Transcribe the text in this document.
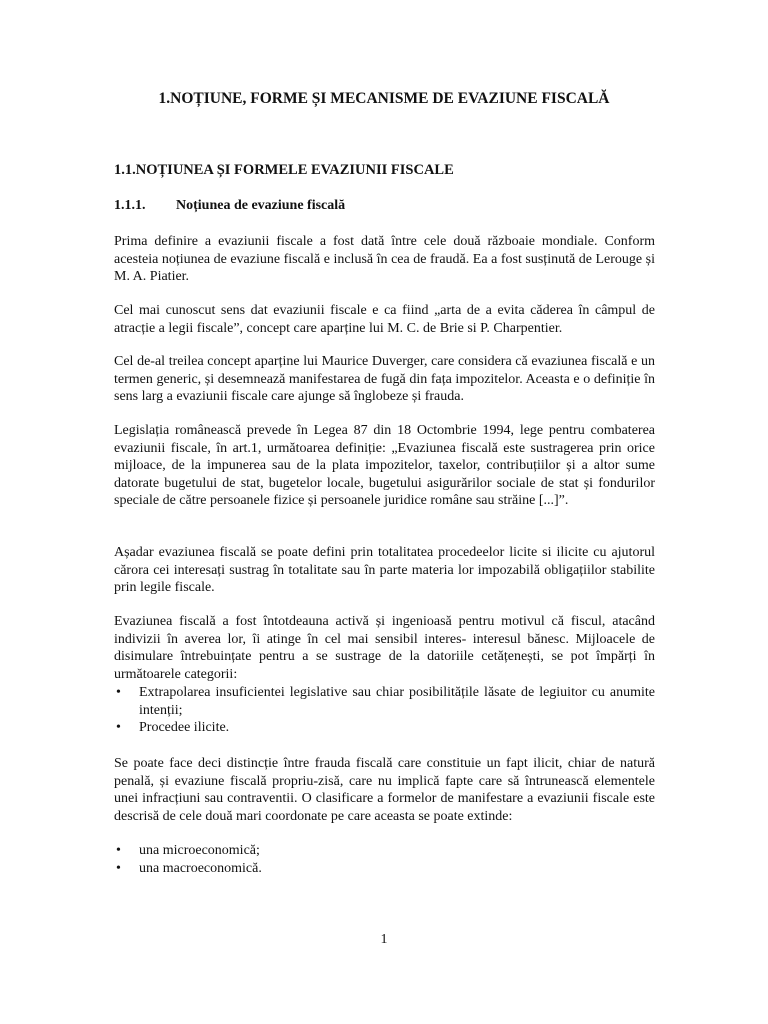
1.NOȚIUNE, FORME ȘI MECANISME DE EVAZIUNE FISCALĂ
1.1.NOȚIUNEA ȘI FORMELE EVAZIUNII FISCALE
1.1.1. Noțiunea de evaziune fiscală

Prima definire a evaziunii fiscale a fost dată între cele două războaie mondiale. Conform acesteia noțiunea de evaziune fiscală e inclusă în cea de fraudă. Ea a fost susținută de Lerouge și M. A. Piatier.

Cel mai cunoscut sens dat evaziunii fiscale e ca fiind „arta de a evita căderea în câmpul de atracție a legii fiscale”, concept care aparține lui M. C. de Brie si P. Charpentier.

Cel de-al treilea concept aparține lui Maurice Duverger, care considera că evaziunea fiscală e un termen generic, și desemnează manifestarea de fugă din fața impozitelor. Aceasta e o definiție în sens larg a evaziunii fiscale care ajunge să înglobeze și frauda.

Legislația românească prevede în Legea 87 din 18 Octombrie 1994, lege pentru combaterea evaziunii fiscale, în art.1, următoarea definiție: „Evaziunea fiscală este sustragerea prin orice mijloace, de la impunerea sau de la plata impozitelor, taxelor, contribuțiilor și a altor sume datorate bugetului de stat, bugetelor locale, bugetului asigurărilor sociale de stat și fondurilor speciale de către persoanele fizice și persoanele juridice române sau străine [...]”.

Așadar evaziunea fiscală se poate defini prin totalitatea procedeelor licite si ilicite cu ajutorul cărora cei interesați sustrag în totalitate sau în parte materia lor impozabilă obligațiilor stabilite prin legile fiscale.

Evaziunea fiscală a fost întotdeauna activă și ingenioasă pentru motivul că fiscul, atacând indivizii în averea lor, îi atinge în cel mai sensibil interes- interesul bănesc. Mijloacele de disimulare întrebuințate pentru a se sustrage de la datoriile cetățenești, se pot împărți în următoarele categorii:

• Extrapolarea insuficientei legislative sau chiar posibilitățile lăsate de legiuitor cu anumite intenții;
• Procedee ilicite.

Se poate face deci distincție între frauda fiscală care constituie un fapt ilicit, chiar de natură penală, și evaziune fiscală propriu-zisă, care nu implică fapte care să întrunească elementele unei infracțiuni sau contraventii. O clasificare a formelor de manifestare a evaziunii fiscale este descrisă de cele două mari coordonate pe care aceasta se poate extinde:

• una microeconomică;
• una macroeconomică.
1
